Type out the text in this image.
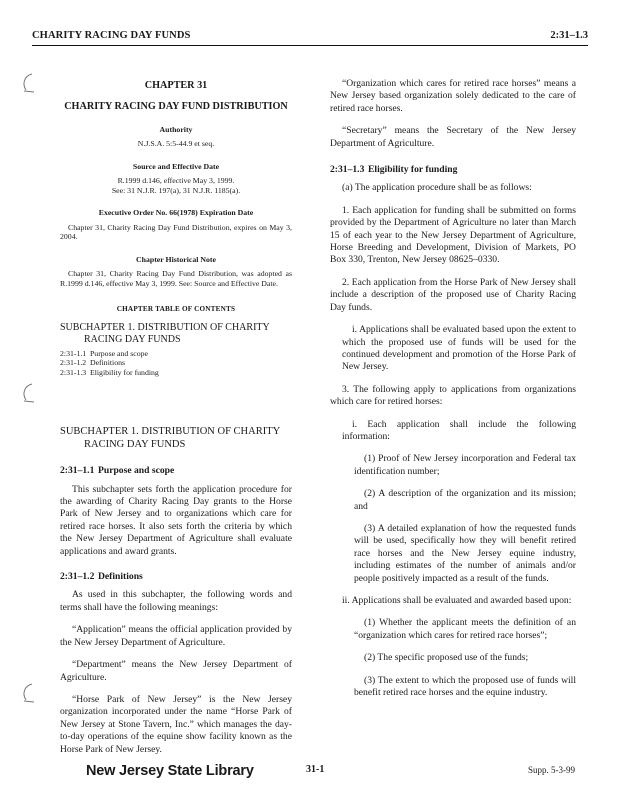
CHARITY RACING DAY FUNDS	2:31–1.3
CHAPTER 31
CHARITY RACING DAY FUND DISTRIBUTION
Authority
N.J.S.A. 5:5-44.9 et seq.
Source and Effective Date
R.1999 d.146, effective May 3, 1999.
See: 31 N.J.R. 197(a), 31 N.J.R. 1185(a).
Executive Order No. 66(1978) Expiration Date
Chapter 31, Charity Racing Day Fund Distribution, expires on May 3, 2004.
Chapter Historical Note
Chapter 31, Charity Racing Day Fund Distribution, was adopted as R.1999 d.146, effective May 3, 1999. See: Source and Effective Date.
CHAPTER TABLE OF CONTENTS
SUBCHAPTER 1. DISTRIBUTION OF CHARITY
RACING DAY FUNDS
2:31-1.1 Purpose and scope
2:31-1.2 Definitions
2:31-1.3 Eligibility for funding
SUBCHAPTER 1. DISTRIBUTION OF CHARITY
RACING DAY FUNDS
2:31–1.1 Purpose and scope

This subchapter sets forth the application procedure for the awarding of Charity Racing Day grants to the Horse Park of New Jersey and to organizations which care for retired race horses. It also sets forth the criteria by which the New Jersey Department of Agriculture shall evaluate applications and award grants.

2:31–1.2 Definitions

As used in this subchapter, the following words and terms shall have the following meanings:

“Application” means the official application provided by the New Jersey Department of Agriculture.

“Department” means the New Jersey Department of Agriculture.

“Horse Park of New Jersey” is the New Jersey organization incorporated under the name “Horse Park of New Jersey at Stone Tavern, Inc.” which manages the day-to-day operations of the equine show facility known as the Horse Park of New Jersey.

“Organization which cares for retired race horses” means a New Jersey based organization solely dedicated to the care of retired race horses.

“Secretary” means the Secretary of the New Jersey Department of Agriculture.

2:31–1.3 Eligibility for funding

(a) The application procedure shall be as follows:

1. Each application for funding shall be submitted on forms provided by the Department of Agriculture no later than March 15 of each year to the New Jersey Department of Agriculture, Horse Breeding and Development, Division of Markets, PO Box 330, Trenton, New Jersey 08625–0330.

2. Each application from the Horse Park of New Jersey shall include a description of the proposed use of Charity Racing Day funds.

i. Applications shall be evaluated based upon the extent to which the proposed use of funds will be used for the continued development and promotion of the Horse Park of New Jersey.

3. The following apply to applications from organizations which care for retired horses:

i. Each application shall include the following information:

(1) Proof of New Jersey incorporation and Federal tax identification number;

(2) A description of the organization and its mission; and

(3) A detailed explanation of how the requested funds will be used, specifically how they will benefit retired race horses and the New Jersey equine industry, including estimates of the number of animals and/or people positively impacted as a result of the funds.

ii. Applications shall be evaluated and awarded based upon:

(1) Whether the applicant meets the definition of an “organization which cares for retired race horses”;

(2) The specific proposed use of the funds;

(3) The extent to which the proposed use of funds will benefit retired race horses and the equine industry.

New Jersey State Library	31-1	Supp. 5-3-99
